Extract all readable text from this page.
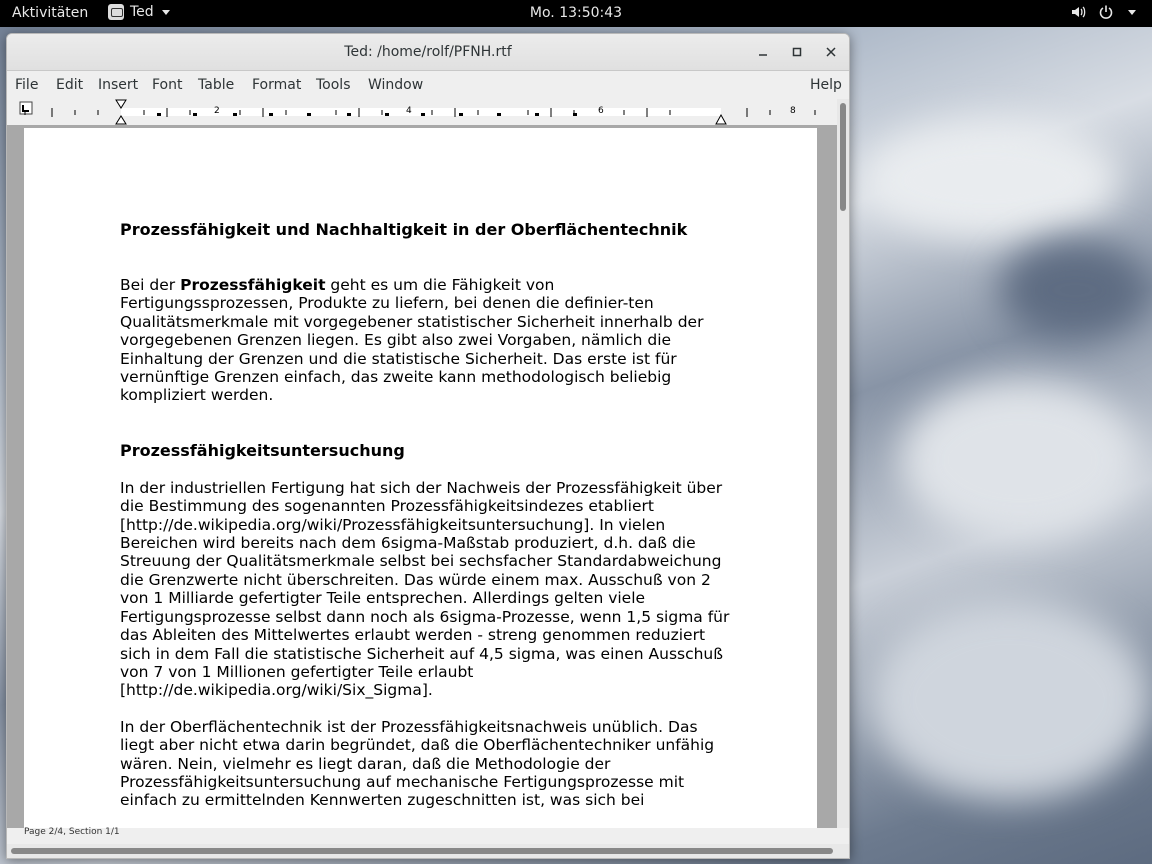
Aktivitäten	Ted	Mo. 13:50:43
Ted: /home/rolf/PFNH.rtf
File Edit Insert Font Table Format Tools Window	Help
2	4	6	8

Prozessfähigkeit und Nachhaltigkeit in der Oberflächentechnik

Bei der Prozessfähigkeit geht es um die Fähigkeit von Fertigungssprozessen, Produkte zu liefern, bei denen die definier-ten Qualitätsmerkmale mit vorgegebener statistischer Sicherheit innerhalb der vorgegebenen Grenzen liegen. Es gibt also zwei Vorgaben, nämlich die Einhaltung der Grenzen und die statistische Sicherheit. Das erste ist für vernünftige Grenzen einfach, das zweite kann methodologisch beliebig kompliziert werden.

Prozessfähigkeitsuntersuchung

In der industriellen Fertigung hat sich der Nachweis der Prozessfähigkeit über die Bestimmung des sogenannten Prozessfähigkeitsindezes etabliert [http://de.wikipedia.org/wiki/Prozessfähigkeitsuntersuchung]. In vielen Bereichen wird bereits nach dem 6sigma-Maßstab produziert, d.h. daß die Streuung der Qualitätsmerkmale selbst bei sechsfacher Standardabweichung die Grenzwerte nicht überschreiten. Das würde einem max. Ausschuß von 2 von 1 Milliarde gefertigter Teile entsprechen. Allerdings gelten viele Fertigungsprozesse selbst dann noch als 6sigma-Prozesse, wenn 1,5 sigma für das Ableiten des Mittelwertes erlaubt werden - streng genommen reduziert sich in dem Fall die statistische Sicherheit auf 4,5 sigma, was einen Ausschuß von 7 von 1 Millionen gefertigter Teile erlaubt [http://de.wikipedia.org/wiki/Six_Sigma].

In der Oberflächentechnik ist der Prozessfähigkeitsnachweis unüblich. Das liegt aber nicht etwa darin begründet, daß die Oberflächentechniker unfähig wären. Nein, vielmehr es liegt daran, daß die Methodologie der Prozessfähigkeitsuntersuchung auf mechanische Fertigungsprozesse mit einfach zu ermittelnden Kennwerten zugeschnitten ist, was sich bei

Page 2/4, Section 1/1
